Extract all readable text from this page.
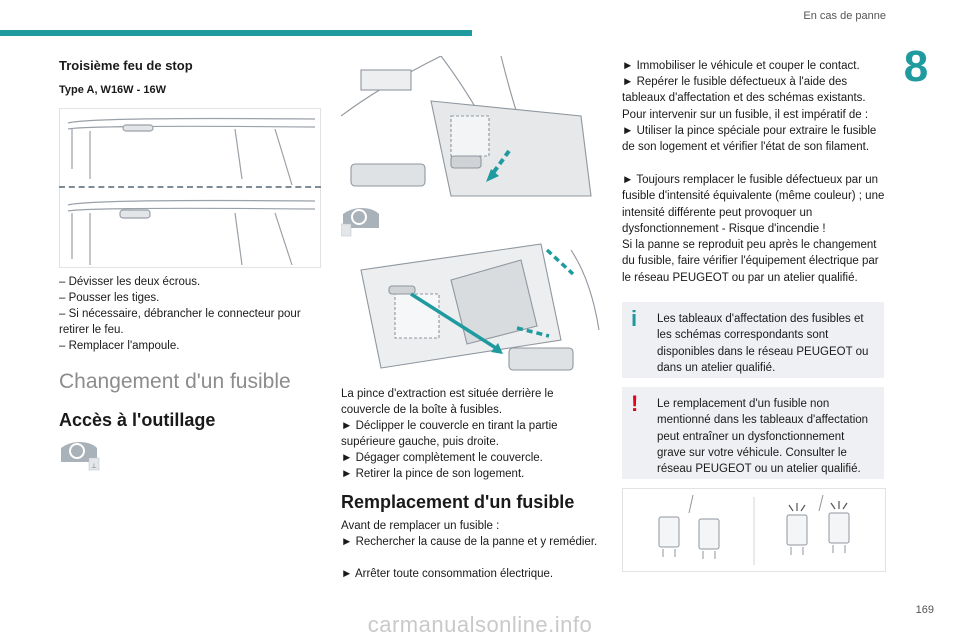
En cas de panne
8
Troisième feu de stop
Type A, W16W - 16W
– Dévisser les deux écrous.
– Pousser les tiges.
– Si nécessaire, débrancher le connecteur pour retirer le feu.
– Remplacer l'ampoule.
Changement d'un fusible
Accès à l'outillage
⟂
La pince d'extraction est située derrière le couvercle de la boîte à fusibles.
► Déclipper le couvercle en tirant la partie supérieure gauche, puis droite.
► Dégager complètement le couvercle.
► Retirer la pince de son logement.
Remplacement d'un fusible
Avant de remplacer un fusible :
► Rechercher la cause de la panne et y remédier.
► Arrêter toute consommation électrique.
► Immobiliser le véhicule et couper le contact.
► Repérer le fusible défectueux à l'aide des tableaux d'affectation et des schémas existants.
Pour intervenir sur un fusible, il est impératif de :
► Utiliser la pince spéciale pour extraire le fusible de son logement et vérifier l'état de son filament.
► Toujours remplacer le fusible défectueux par un fusible d'intensité équivalente (même couleur) ; une intensité différente peut provoquer un dysfonctionnement - Risque d'incendie !
Si la panne se reproduit peu après le changement du fusible, faire vérifier l'équipement électrique par le réseau PEUGEOT ou par un atelier qualifié.
i	Les tableaux d'affectation des fusibles et les schémas correspondants sont disponibles dans le réseau PEUGEOT ou dans un atelier qualifié.
!	Le remplacement d'un fusible non mentionné dans les tableaux d'affectation peut entraîner un dysfonctionnement grave sur votre véhicule. Consulter le réseau PEUGEOT ou un atelier qualifié.
169
carmanualsonline.info
